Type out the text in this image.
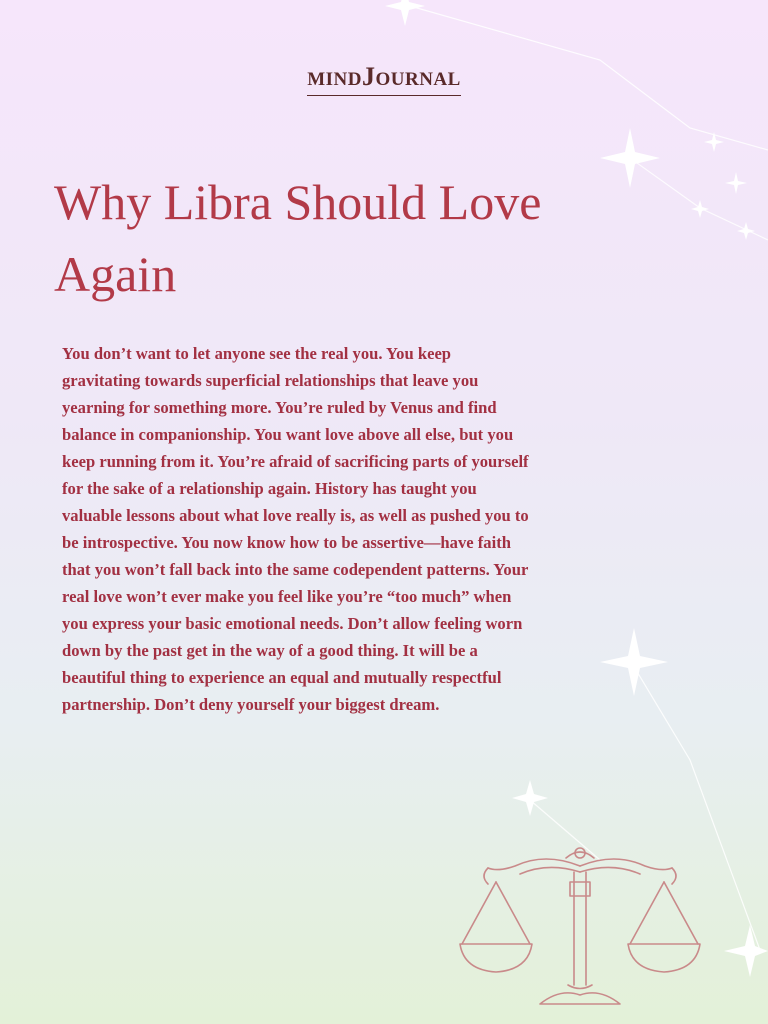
MINDJOURNAL
Why Libra Should Love Again

You don’t want to let anyone see the real you. You keep gravitating towards superficial relationships that leave you yearning for something more. You’re ruled by Venus and find balance in companionship. You want love above all else, but you keep running from it. You’re afraid of sacrificing parts of yourself for the sake of a relationship again. History has taught you valuable lessons about what love really is, as well as pushed you to be introspective. You now know how to be assertive—have faith that you won’t fall back into the same codependent patterns. Your real love won’t ever make you feel like you’re “too much” when you express your basic emotional needs. Don’t allow feeling worn down by the past get in the way of a good thing. It will be a beautiful thing to experience an equal and mutually respectful partnership. Don’t deny yourself your biggest dream.
